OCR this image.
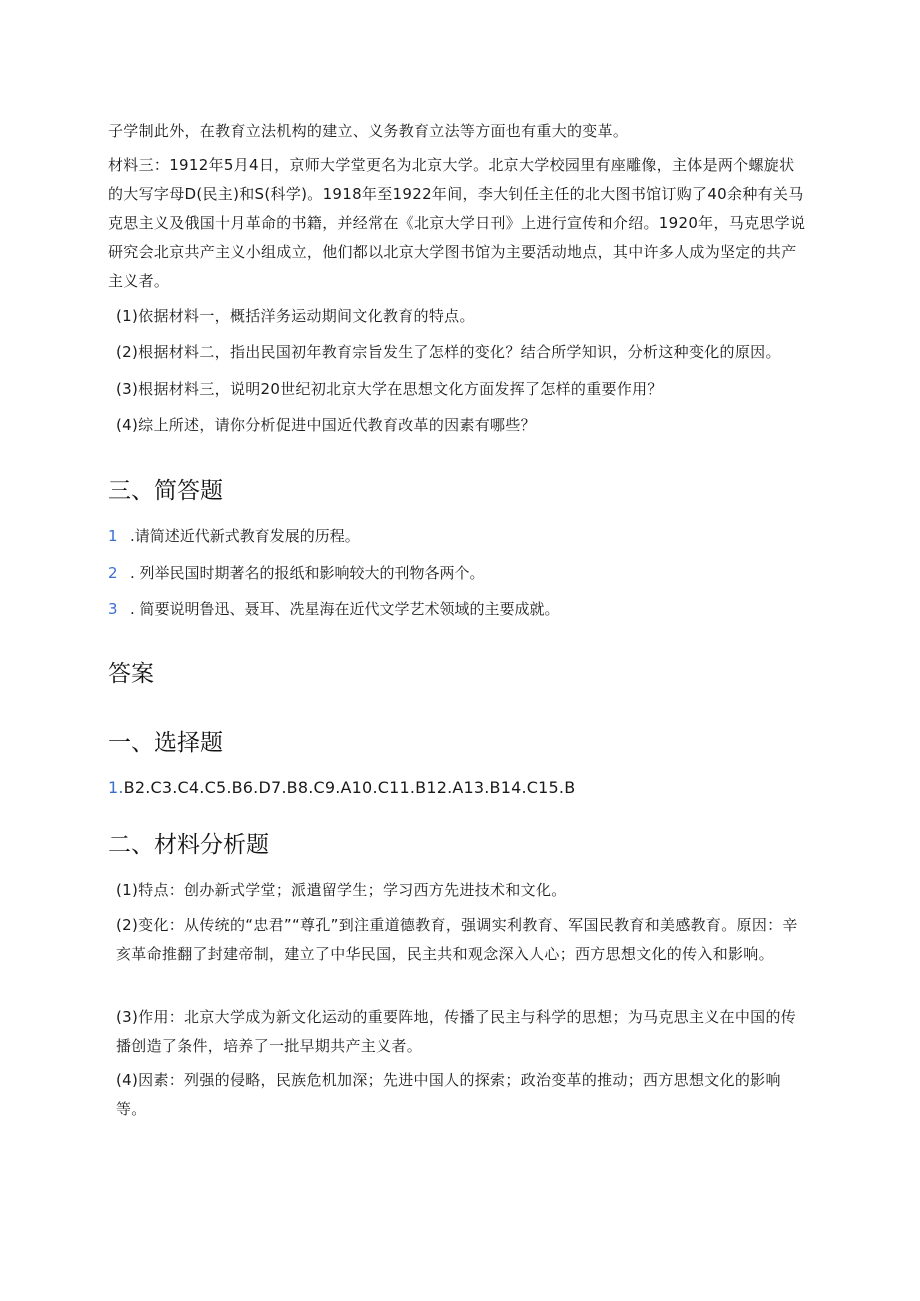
子学制此外，在教育立法机构的建立、义务教育立法等方面也有重大的变革。
材料三：1912年5月4日，京师大学堂更名为北京大学。北京大学校园里有座雕像，主体是两个螺旋状的大写字母D(民主)和S(科学)。1918年至1922年间，李大钊任主任的北大图书馆订购了40余种有关马克思主义及俄国十月革命的书籍，并经常在《北京大学日刊》上进行宣传和介绍。1920年，马克思学说研究会北京共产主义小组成立，他们都以北京大学图书馆为主要活动地点，其中许多人成为坚定的共产主义者。
(1)依据材料一，概括洋务运动期间文化教育的特点。
(2)根据材料二，指出民国初年教育宗旨发生了怎样的变化？结合所学知识，分析这种变化的原因。
(3)根据材料三，说明20世纪初北京大学在思想文化方面发挥了怎样的重要作用？
(4)综上所述，请你分析促进中国近代教育改革的因素有哪些？
三、简答题
1 .请简述近代新式教育发展的历程。
2 . 列举民国时期著名的报纸和影响较大的刊物各两个。
3 . 简要说明鲁迅、聂耳、冼星海在近代文学艺术领域的主要成就。
答案
一、选择题
1.B2.C3.C4.C5.B6.D7.B8.C9.A10.C11.B12.A13.B14.C15.B
二、材料分析题
(1)特点：创办新式学堂；派遣留学生；学习西方先进技术和文化。
(2)变化：从传统的“忠君”“尊孔”到注重道德教育，强调实利教育、军国民教育和美感教育。原因：辛亥革命推翻了封建帝制，建立了中华民国，民主共和观念深入人心；西方思想文化的传入和影响。
(3)作用：北京大学成为新文化运动的重要阵地，传播了民主与科学的思想；为马克思主义在中国的传播创造了条件，培养了一批早期共产主义者。
(4)因素：列强的侵略，民族危机加深；先进中国人的探索；政治变革的推动；西方思想文化的影响等。
